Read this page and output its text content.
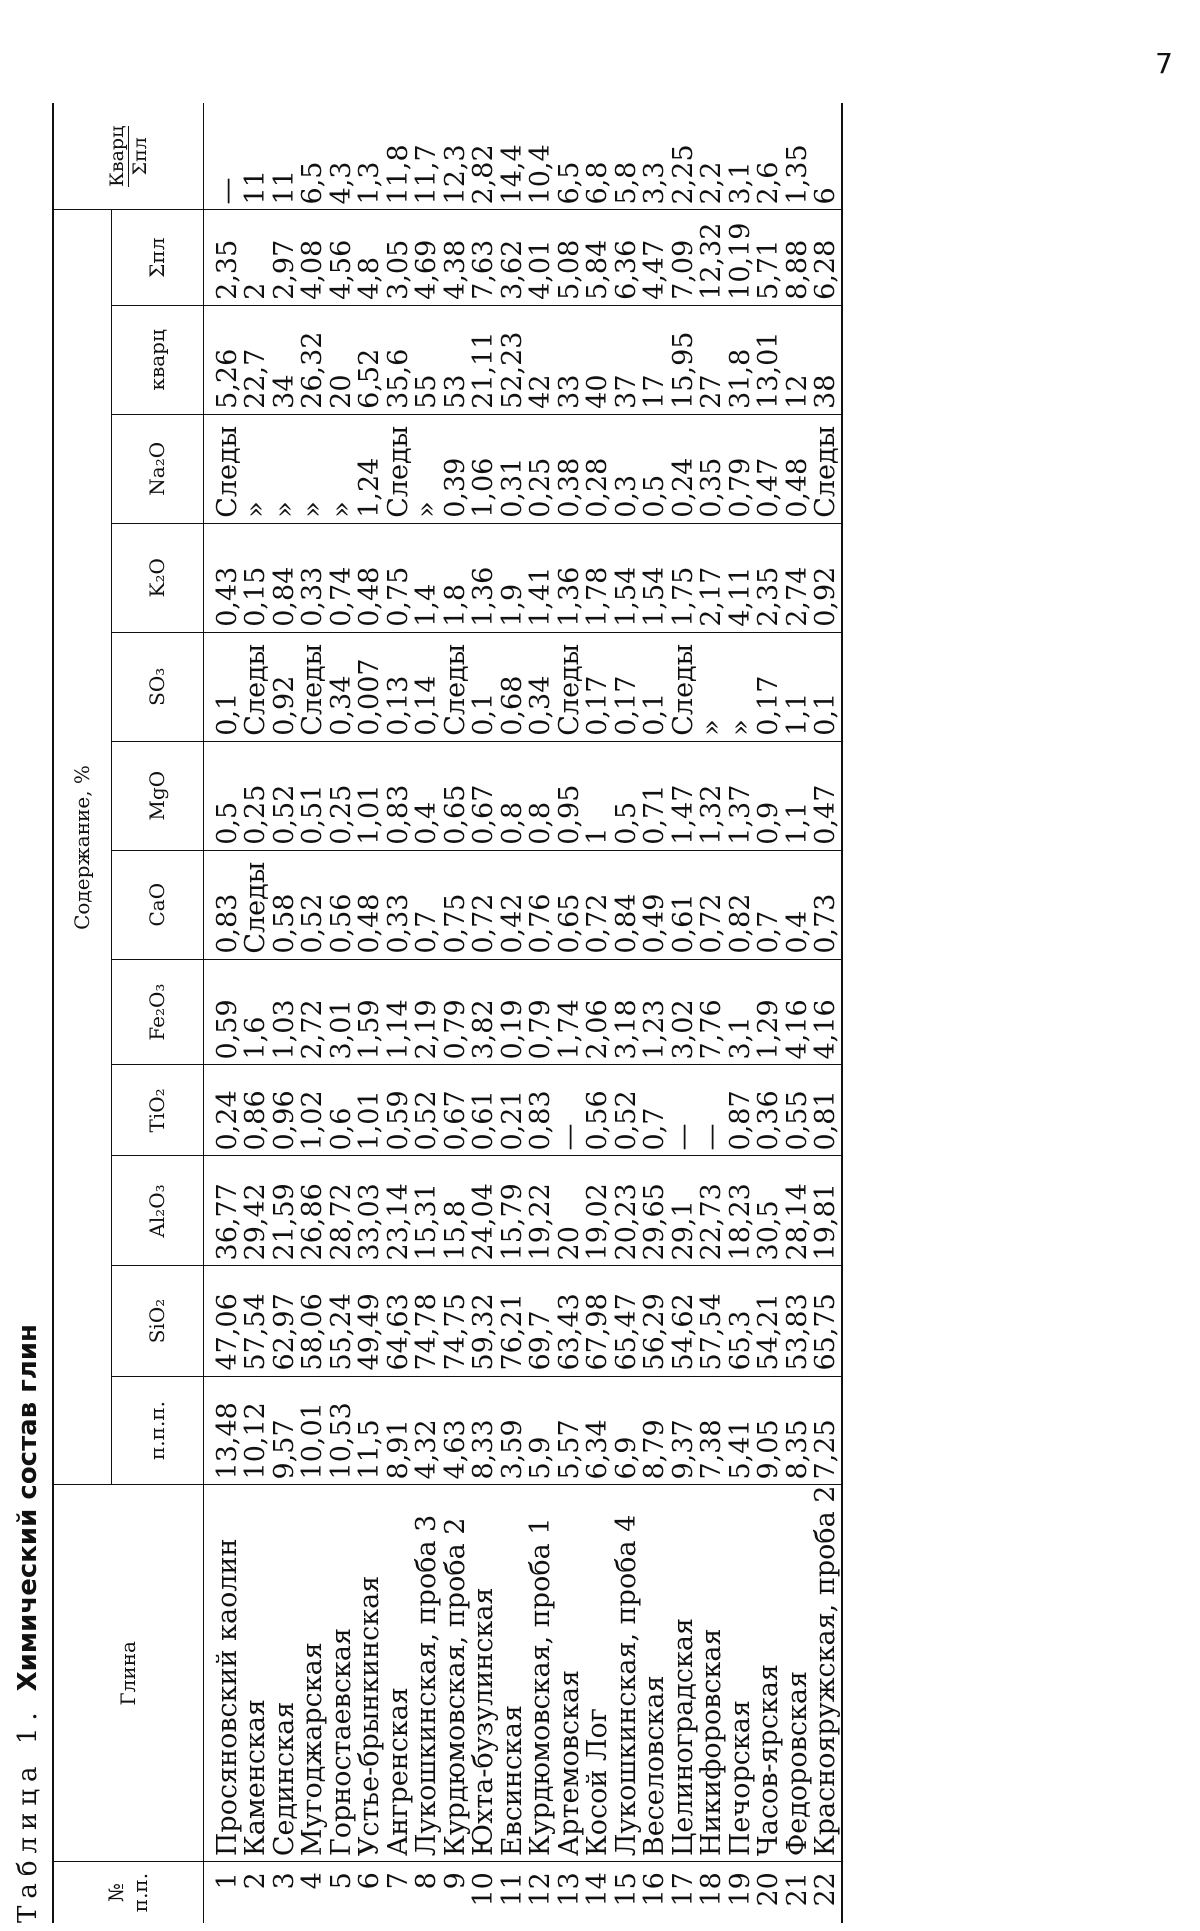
Таблица 1.
Химический состав глин
№ п.п.	Глина	Содержание, %												Кварц Σпл

		п.п.п.	SiO₂	Al₂O₃	TiO₂	Fe₂O₃	CaO	MgO	SO₃	K₂O	Na₂O	кварц	Σпл	
1	Просяновский каолин	13,48	47,06	36,77	0,24	0,59	0,83	0,5	0,1	0,43	Следы	5,26	2,35	—
2	Каменская	10,12	57,54	29,42	0,86	1,6	Следы	0,25	Следы	0,15	»	22,7	2	11
3	Сединская	9,57	62,97	21,59	0,96	1,03	0,58	0,52	0,92	0,84	»	34	2,97	11
4	Мугоджарская	10,01	58,06	26,86	1,02	2,72	0,52	0,51	Следы	0,33	»	26,32	4,08	6,5
5	Горностаевская	10,53	55,24	28,72	0,6	3,01	0,56	0,25	0,34	0,74	»	20	4,56	4,3
6	Устье-брынкинская	11,5	49,49	33,03	1,01	1,59	0,48	1,01	0,007	0,48	1,24	6,52	4,8	1,3
7	Ангренская	8,91	64,63	23,14	0,59	1,14	0,33	0,83	0,13	0,75	Следы	35,6	3,05	11,8
8	Лукошкинская, проба 3	4,32	74,78	15,31	0,52	2,19	0,7	0,4	0,14	1,4	»	55	4,69	11,7
9	Курдюмовская, проба 2	4,63	74,75	15,8	0,67	0,79	0,75	0,65	Следы	1,8	0,39	53	4,38	12,3
10	Юхта-бузулинская	8,33	59,32	24,04	0,61	3,82	0,72	0,67	0,1	1,36	1,06	21,11	7,63	2,82
11	Евсинская	3,59	76,21	15,79	0,21	0,19	0,42	0,8	0,68	1,9	0,31	52,23	3,62	14,4
12	Курдюмовская, проба 1	5,9	69,7	19,22	0,83	0,79	0,76	0,8	0,34	1,41	0,25	42	4,01	10,4
13	Артемовская	5,57	63,43	20	—	1,74	0,65	0,95	Следы	1,36	0,38	33	5,08	6,5
14	Косой Лог	6,34	67,98	19,02	0,56	2,06	0,72	1	0,17	1,78	0,28	40	5,84	6,8
15	Лукошкинская, проба 4	6,9	65,47	20,23	0,52	3,18	0,84	0,5	0,17	1,54	0,3	37	6,36	5,8
16	Веселовская	8,79	56,29	29,65	0,7	1,23	0,49	0,71	0,1	1,54	0,5	17	4,47	3,3
17	Целиноградская	9,37	54,62	29,1	—	3,02	0,61	1,47	Следы	1,75	0,24	15,95	7,09	2,25
18	Никифоровская	7,38	57,54	22,73	—	7,76	0,72	1,32	»	2,17	0,35	27	12,32	2,2
19	Печорская	5,41	65,3	18,23	0,87	3,1	0,82	1,37	»	4,11	0,79	31,8	10,19	3,1
20	Часов-ярская	9,05	54,21	30,5	0,36	1,29	0,7	0,9	0,17	2,35	0,47	13,01	5,71	2,6
21	Федоровская	8,35	53,83	28,14	0,55	4,16	0,4	1,1	1,1	2,74	0,48	12	8,88	1,35
22	Краснояружская, проба 2	7,25	65,75	19,81	0,81	4,16	0,73	0,47	0,1	0,92	Следы	38	6,28	6
7
